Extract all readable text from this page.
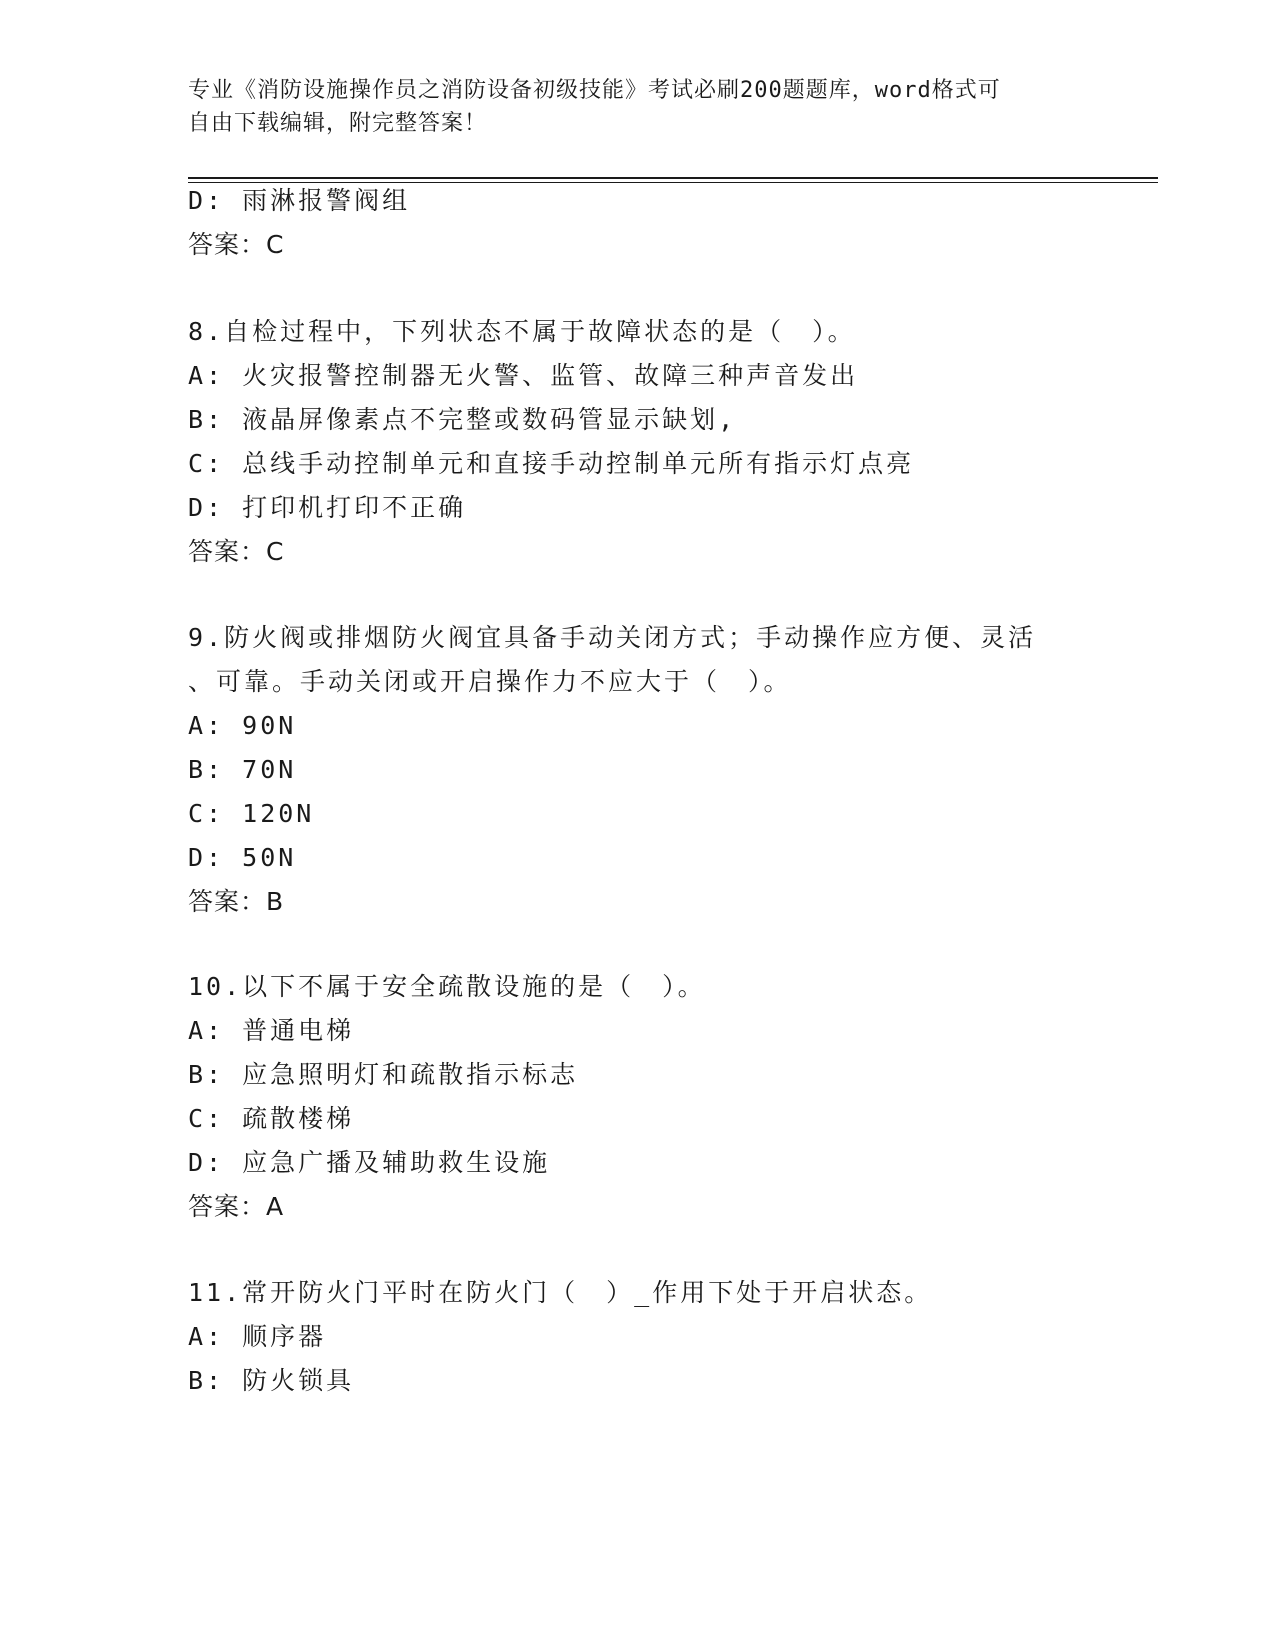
专业《消防设施操作员之消防设备初级技能》考试必刷200题题库，word格式可
自由下载编辑，附完整答案！
D: 雨淋报警阀组
答案：C
8.自检过程中，下列状态不属于故障状态的是（　）。
A: 火灾报警控制器无火警、监管、故障三种声音发出
B: 液晶屏像素点不完整或数码管显示缺划,
C: 总线手动控制单元和直接手动控制单元所有指示灯点亮
D: 打印机打印不正确
答案：C
9.防火阀或排烟防火阀宜具备手动关闭方式；手动操作应方便、灵活
、可靠。手动关闭或开启操作力不应大于（　）。
A: 90N
B: 70N
C: 120N
D: 50N
答案：B
10.以下不属于安全疏散设施的是（　）。
A: 普通电梯
B: 应急照明灯和疏散指示标志
C: 疏散楼梯
D: 应急广播及辅助救生设施
答案：A
11.常开防火门平时在防火门（　）_作用下处于开启状态。
A: 顺序器
B: 防火锁具
